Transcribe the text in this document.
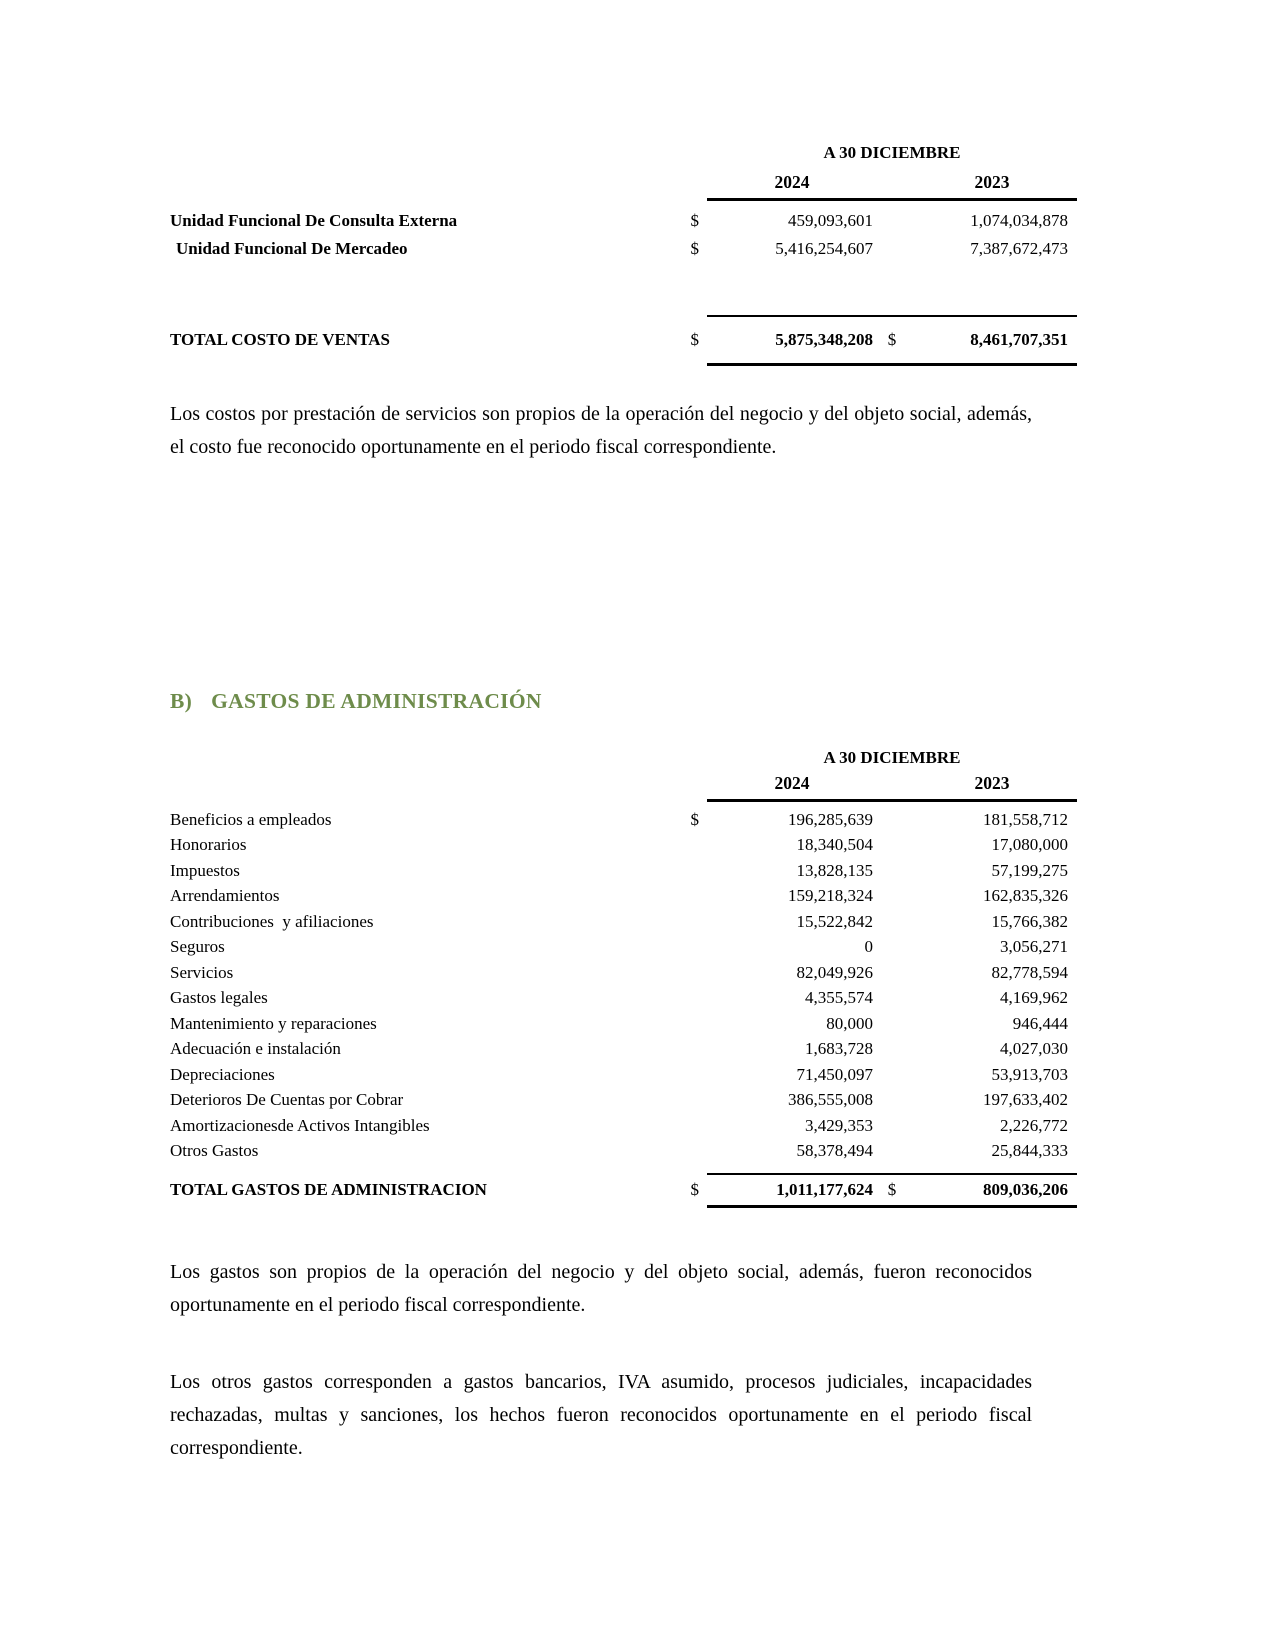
A 30 DICIEMBRE
2024	2023
Unidad Funcional De Consulta Externa	$	459,093,601	1,074,034,878
Unidad Funcional De Mercadeo	$	5,416,254,607	7,387,672,473
TOTAL COSTO DE VENTAS	$	5,875,348,208 $	8,461,707,351

Los costos por prestación de servicios son propios de la operación del negocio y del objeto social, además, el costo fue reconocido oportunamente en el periodo fiscal correspondiente.

B) GASTOS DE ADMINISTRACIÓN
A 30 DICIEMBRE
2024	2023
Beneficios a empleados	$	196,285,639	181,558,712
Honorarios	18,340,504	17,080,000
Impuestos	13,828,135	57,199,275
Arrendamientos	159,218,324	162,835,326
Contribuciones  y afiliaciones	15,522,842	15,766,382
Seguros	0	3,056,271
Servicios	82,049,926	82,778,594
Gastos legales	4,355,574	4,169,962
Mantenimiento y reparaciones	80,000	946,444
Adecuación e instalación	1,683,728	4,027,030
Depreciaciones	71,450,097	53,913,703
Deterioros De Cuentas por Cobrar	386,555,008	197,633,402
Amortizacionesde Activos Intangibles	3,429,353	2,226,772
Otros Gastos	58,378,494	25,844,333
TOTAL GASTOS DE ADMINISTRACION	$	1,011,177,624 $	809,036,206

Los gastos son propios de la operación del negocio y del objeto social, además, fueron reconocidos oportunamente en el periodo fiscal correspondiente.

Los otros gastos corresponden a gastos bancarios, IVA asumido, procesos judiciales, incapacidades rechazadas, multas y sanciones, los hechos fueron reconocidos oportunamente en el periodo fiscal correspondiente.
